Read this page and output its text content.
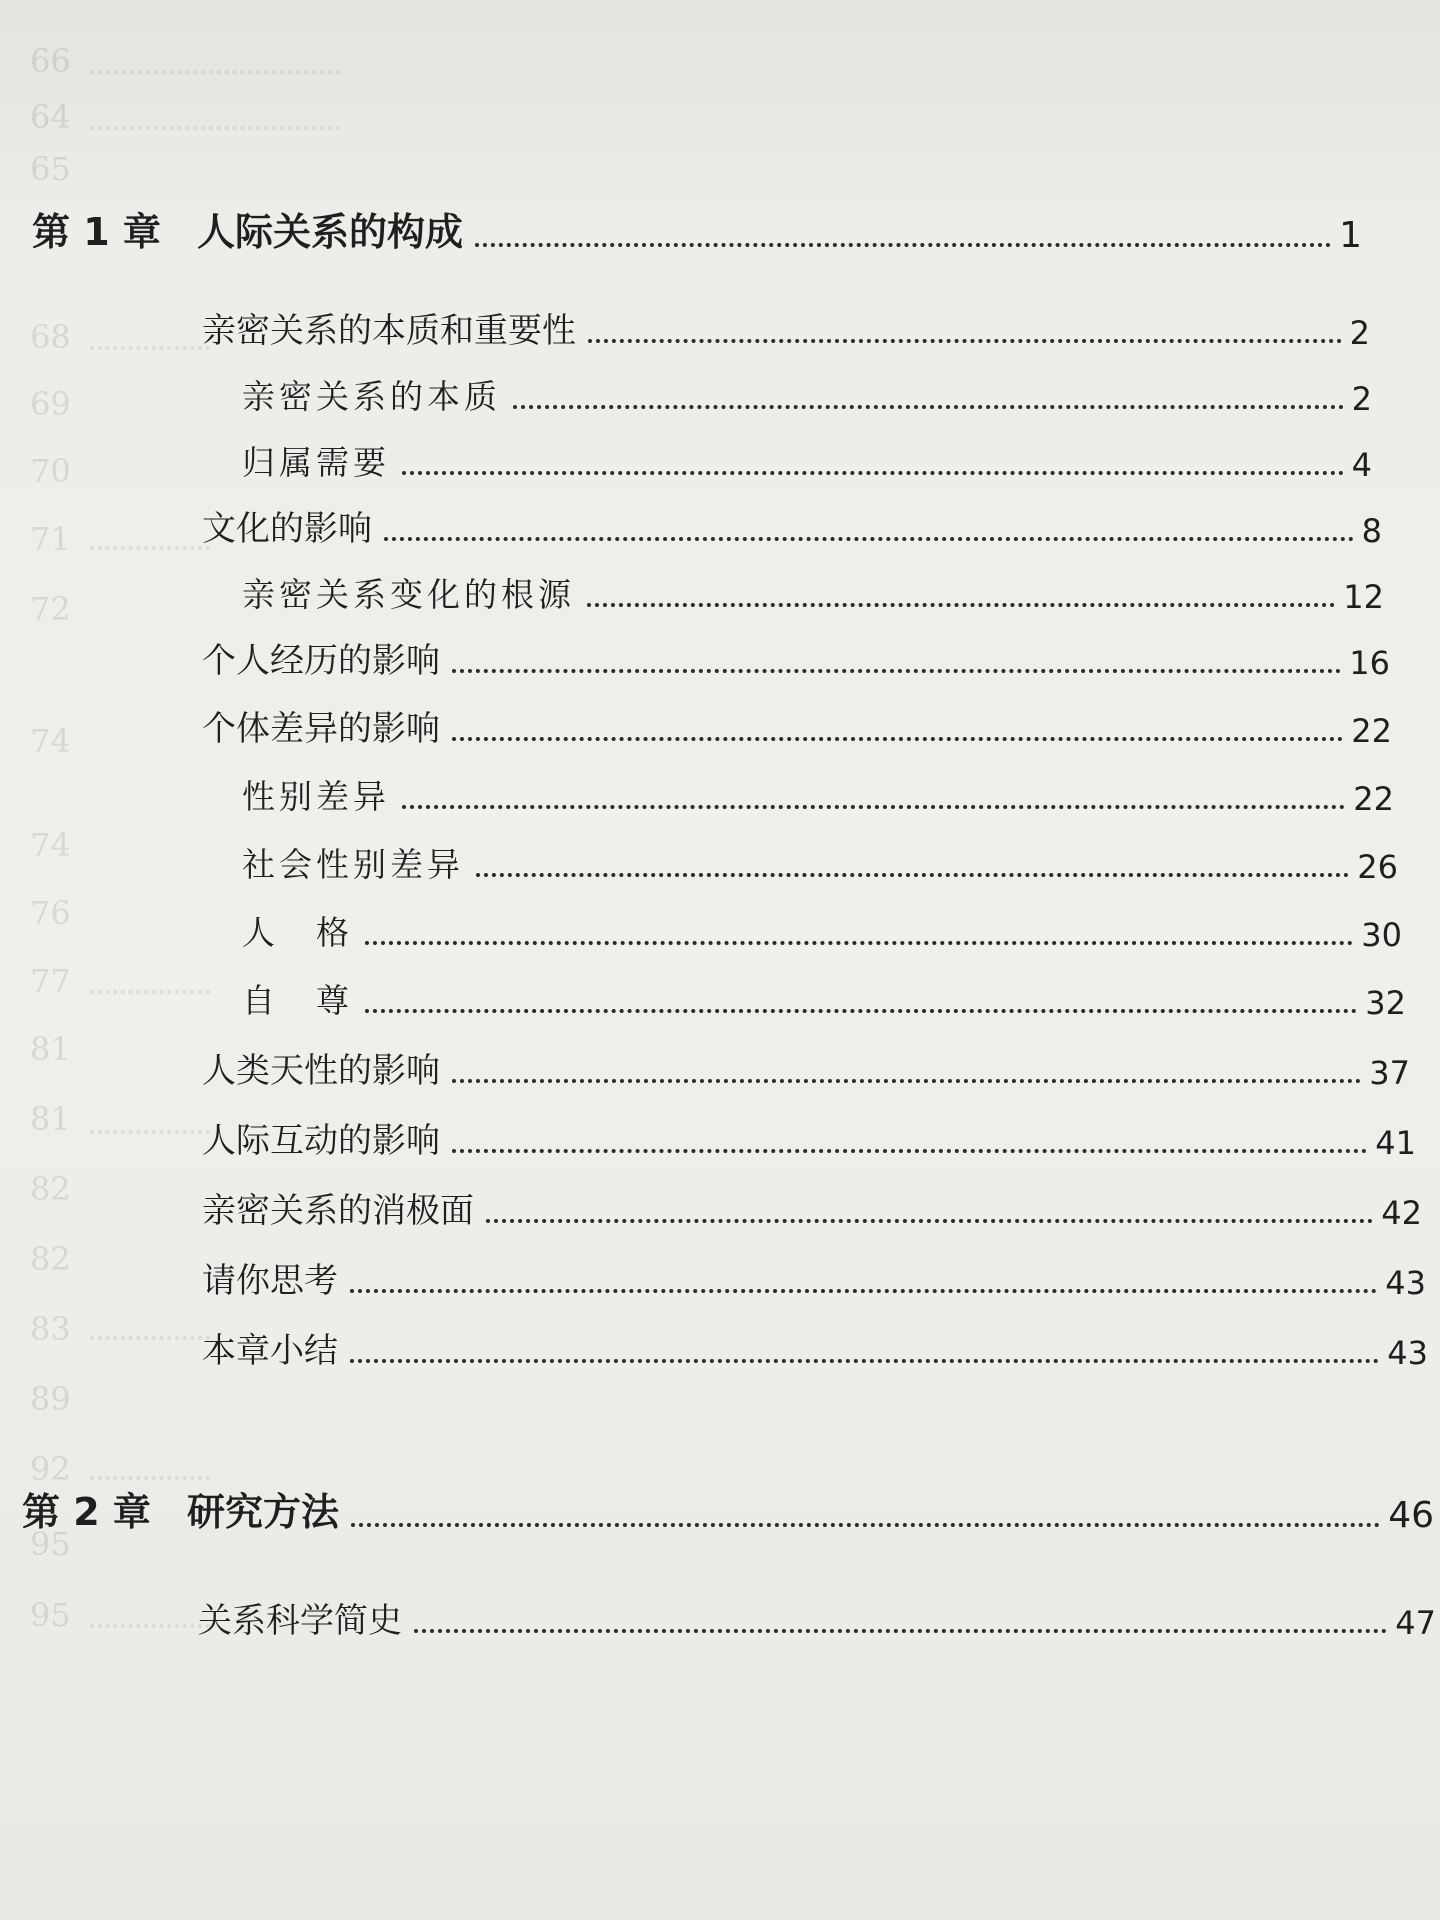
66
64
65
68
69
70
71
72
74
74
76
77
81
81
82
82
83
89
92
95
95
第 1 章 人际关系的构成	1
亲密关系的本质和重要性	2
亲密关系的本质	2
归属需要	4
文化的影响	8
亲密关系变化的根源	12
个人经历的影响	16
个体差异的影响	22
性别差异	22
社会性别差异	26
人　格	30
自　尊	32
人类天性的影响	37
人际互动的影响	41
亲密关系的消极面	42
请你思考	43
本章小结	43
第 2 章 研究方法	46
关系科学简史	47
